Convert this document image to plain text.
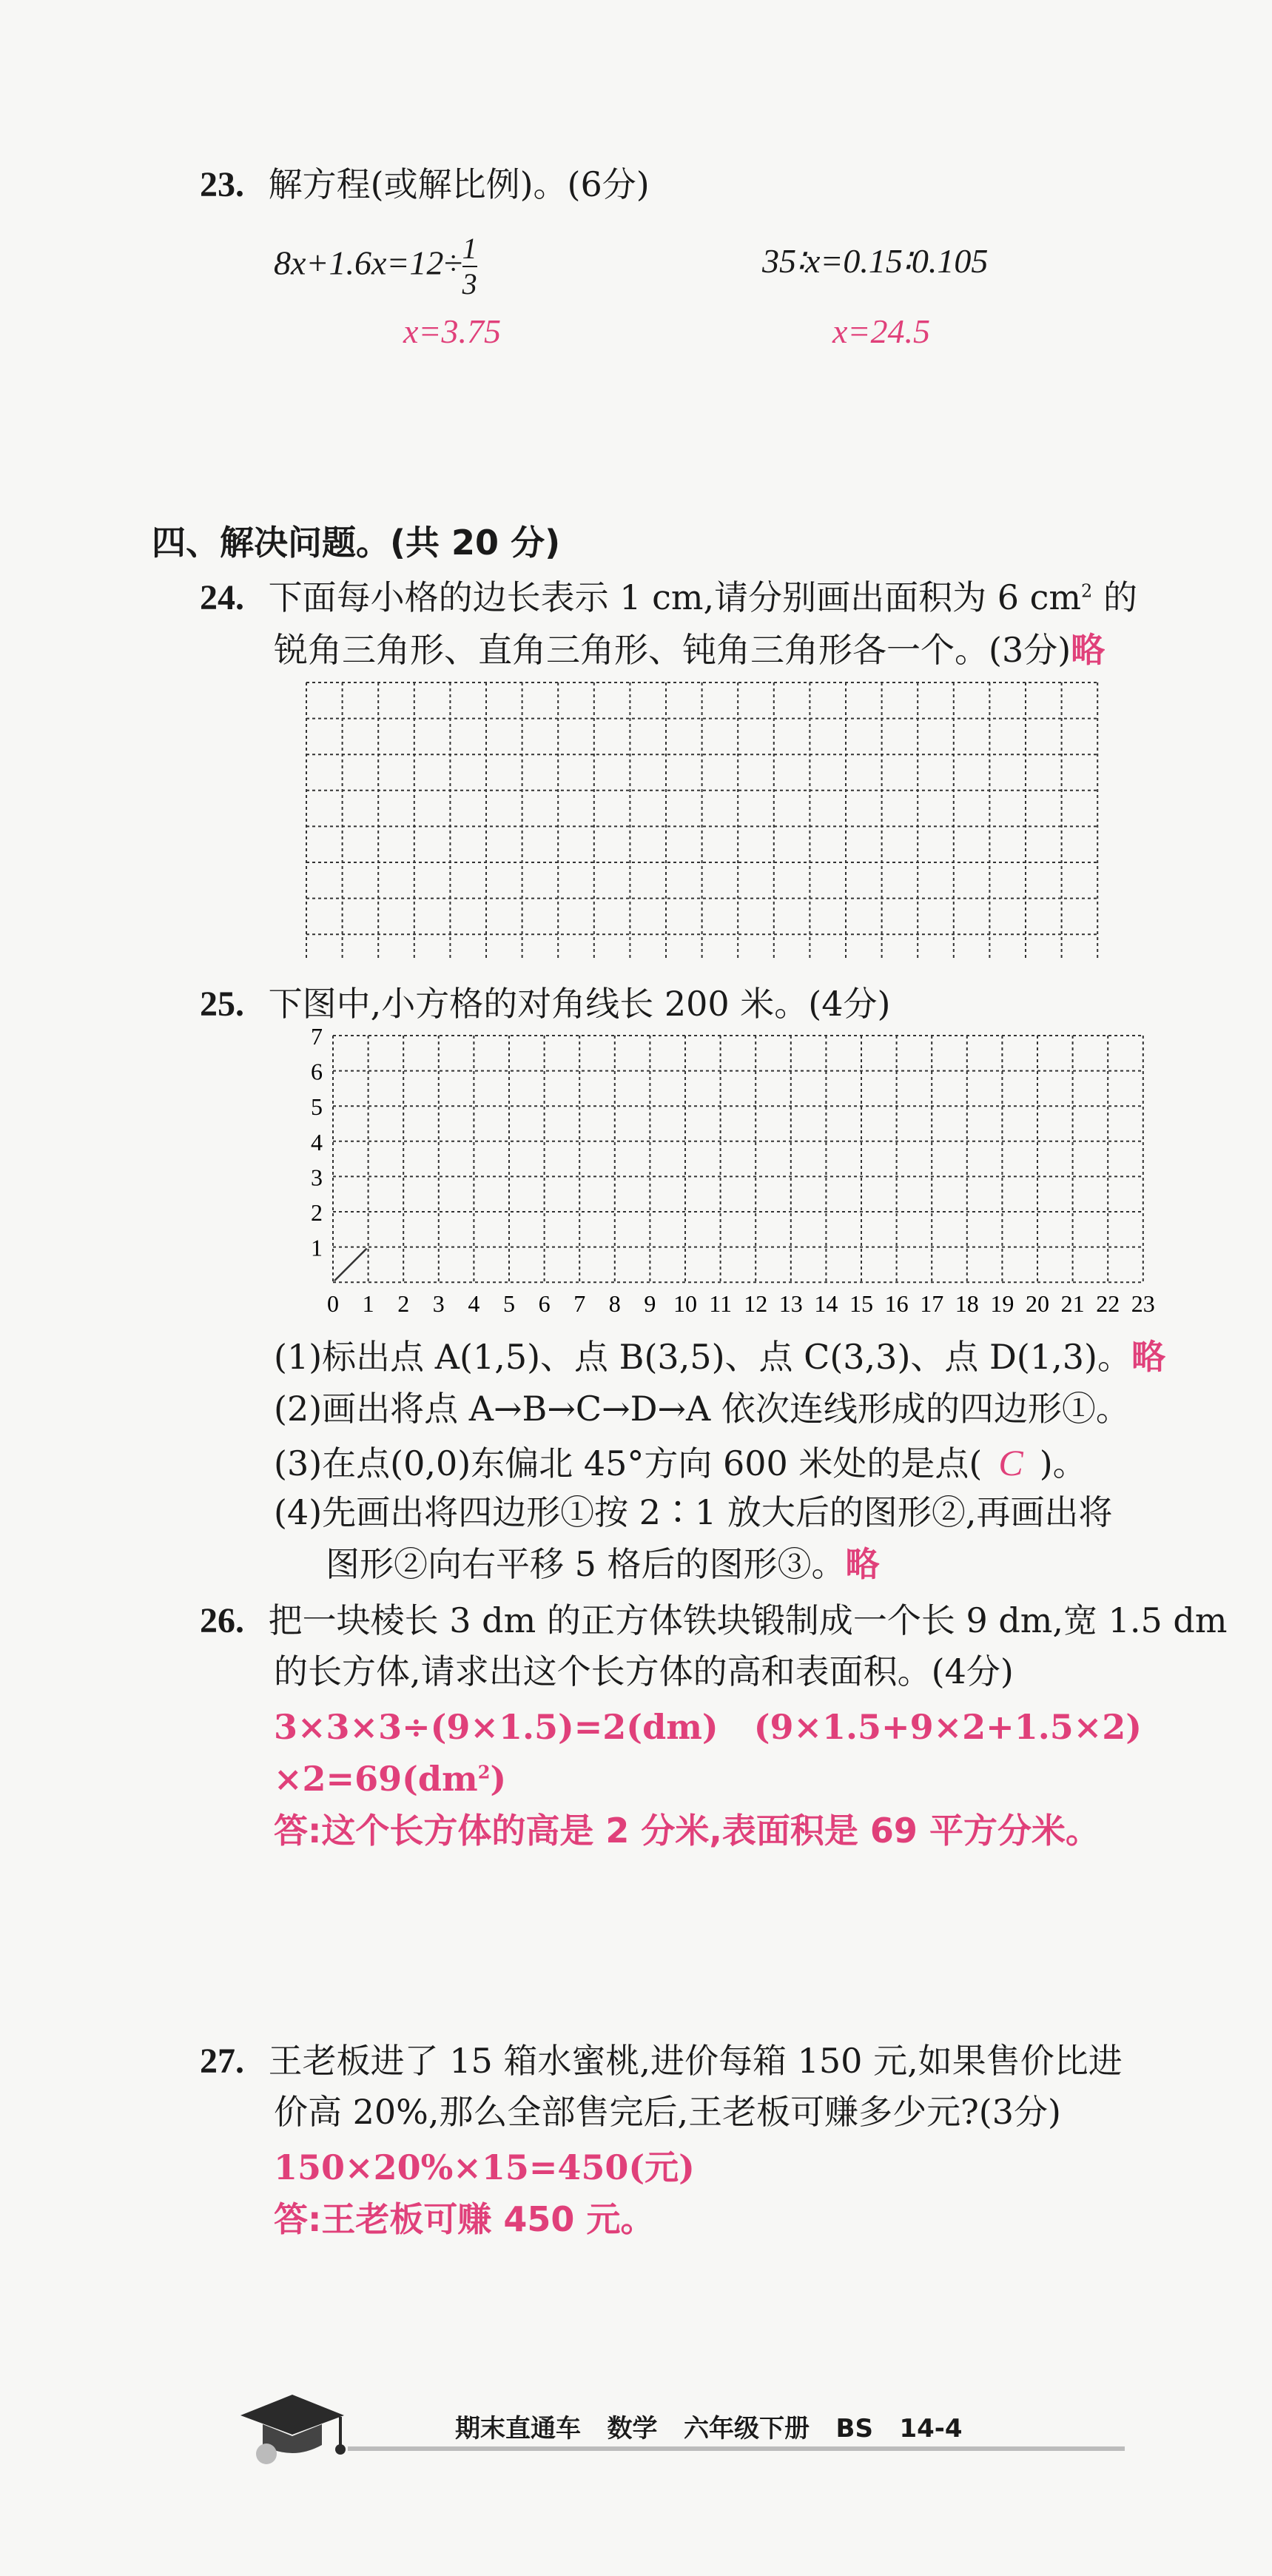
23. 解方程(或解比例)。(6分)
$8x+1.6x=12\div \frac{1}{3}$	35∶x=0.15∶0.105
x=3.75	x=24.5
四、解决问题。(共 20 分)
24. 下面每小格的边长表示 1 cm,请分别画出面积为 6 $cm^2$ 的
锐角三角形、直角三角形、钝角三角形各一个。(3分)略
25. 下图中,小方格的对角线长 200 米。(4分)
7
6
5
4
3
2
1
0 1 2 3 4 5 6 7 8 9 10 11 12 13 14 15 16 17 18 19 20 21 22 23
(1)标出点 A(1,5)、点 B(3,5)、点 C(3,3)、点 D(1,3)。略
(2)画出将点 A→B→C→D→A 依次连线形成的四边形①。
(3)在点(0,0)东偏北 45°方向 600 米处的是点( C )。
(4)先画出将四边形①按 2∶1 放大后的图形②,再画出将
图形②向右平移 5 格后的图形③。略
26. 把一块棱长 3 dm 的正方体铁块锻制成一个长 9 dm,宽 1.5 dm
的长方体,请求出这个长方体的高和表面积。(4分)
3×3×3÷(9×1.5)=2(dm)   (9×1.5+9×2+1.5×2)
$\times 2=69(dm^2)$
答:这个长方体的高是 2 分米,表面积是 69 平方分米。
27. 王老板进了 15 箱水蜜桃,进价每箱 150 元,如果售价比进
价高 20%,那么全部售完后,王老板可赚多少元?(3分)
150×20%×15=450(元)
答:王老板可赚 450 元。
期末直通车   数学   六年级下册   BS   14-4
